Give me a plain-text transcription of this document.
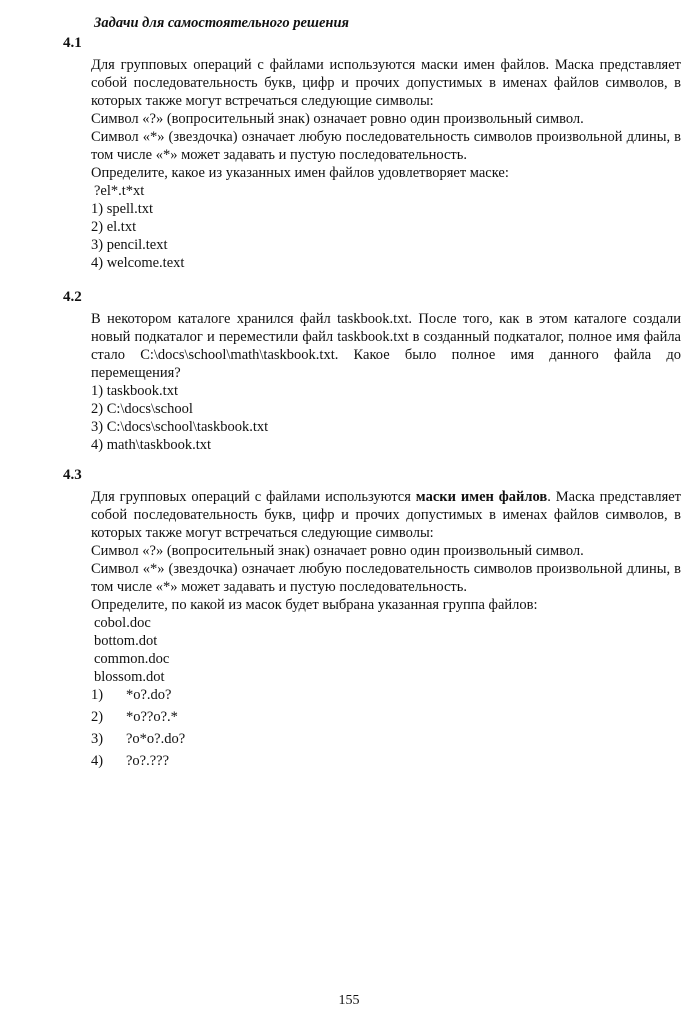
Задачи для самостоятельного решения
4.1

Для групповых операций с файлами используются маски имен файлов. Маска представляет собой последовательность букв, цифр и прочих допустимых в именах файлов символов, в которых также могут встречаться следующие символы:

Символ «?» (вопросительный знак) означает ровно один произвольный символ.

Символ «*» (звездочка) означает любую последовательность символов произвольной длины, в том числе «*» может задавать и пустую последовательность.

Определите, какое из указанных имен файлов удовлетворяет маске:

?el*.t*xt

1) spell.txt

2) el.txt

3) pencil.text

4) welcome.text

4.2

В некотором каталоге хранился файл taskbook.txt. После того, как в этом каталоге создали новый подкаталог и переместили файл taskbook.txt в созданный подкаталог, полное имя файла стало C:\docs\school\math\taskbook.txt. Какое было полное имя данного файла до перемещения?

1) taskbook.txt

2) C:\docs\school

3) C:\docs\school\taskbook.txt

4) math\taskbook.txt

4.3

Для групповых операций с файлами используются маски имен файлов. Маска представляет собой последовательность букв, цифр и прочих допустимых в именах файлов символов, в которых также могут встречаться следующие символы:

Символ «?» (вопросительный знак) означает ровно один произвольный символ.

Символ «*» (звездочка) означает любую последовательность символов произвольной длины, в том числе «*» может задавать и пустую последовательность.

Определите, по какой из масок будет выбрана указанная группа файлов:

cobol.doc

bottom.dot

common.doc

blossom.dot

1)	*o?.do?
2)	*o??o?.*
3)	?o*o?.do?
4)	?o?.???
155
